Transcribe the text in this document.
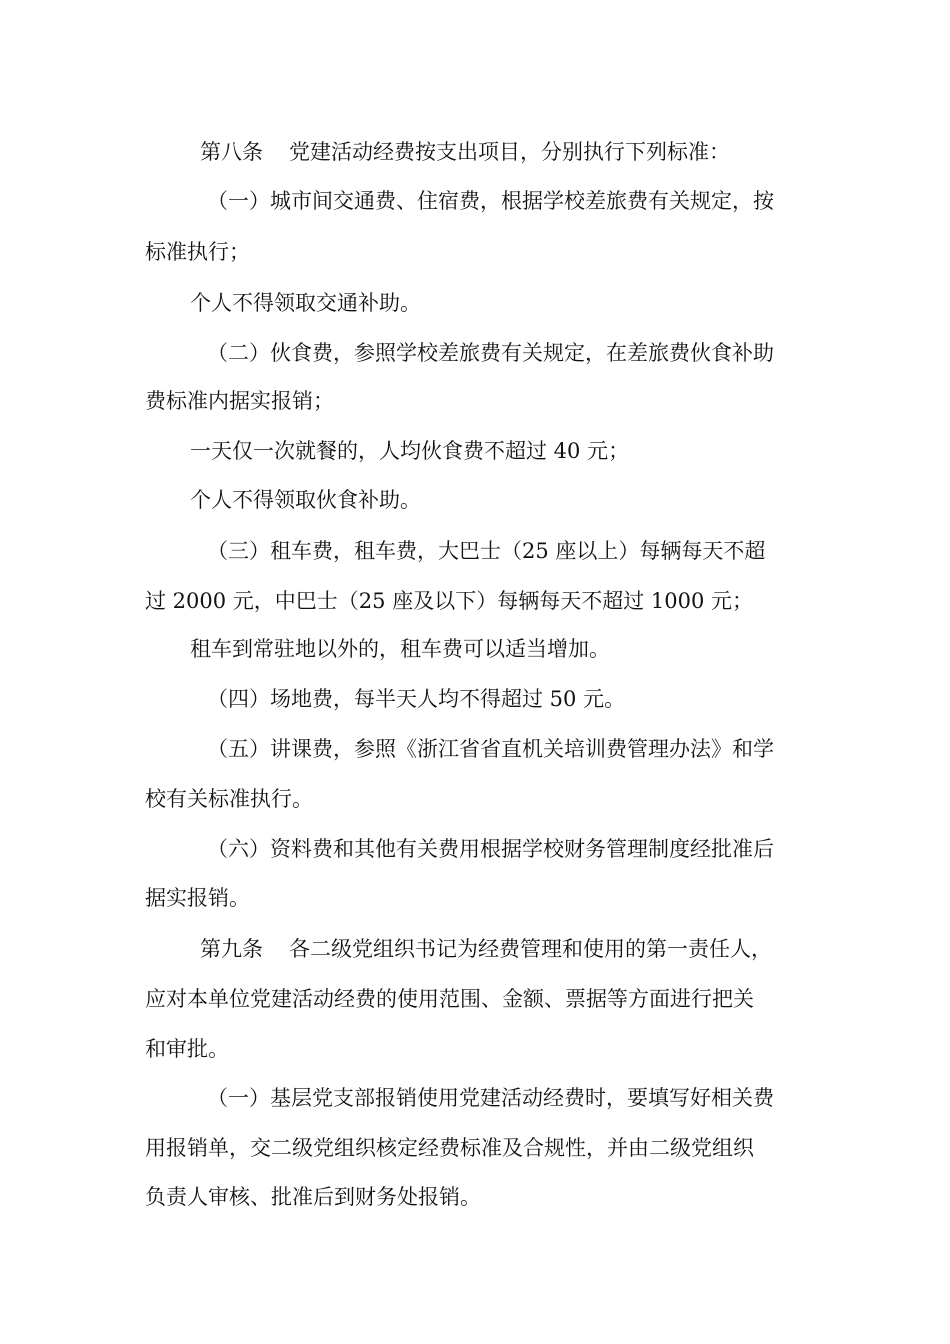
第八条 党建活动经费按支出项目，分别执行下列标准：
（一）城市间交通费、住宿费，根据学校差旅费有关规定，按
标准执行；
个人不得领取交通补助。
（二）伙食费，参照学校差旅费有关规定，在差旅费伙食补助
费标准内据实报销；
一天仅一次就餐的，人均伙食费不超过 40 元；
个人不得领取伙食补助。
（三）租车费，租车费，大巴士（25 座以上）每辆每天不超
过 2000 元，中巴士（25 座及以下）每辆每天不超过 1000 元；
租车到常驻地以外的，租车费可以适当增加。
（四）场地费，每半天人均不得超过 50 元。
（五）讲课费，参照《浙江省省直机关培训费管理办法》和学
校有关标准执行。
（六）资料费和其他有关费用根据学校财务管理制度经批准后
据实报销。
第九条 各二级党组织书记为经费管理和使用的第一责任人，
应对本单位党建活动经费的使用范围、金额、票据等方面进行把关
和审批。
（一）基层党支部报销使用党建活动经费时，要填写好相关费
用报销单，交二级党组织核定经费标准及合规性，并由二级党组织
负责人审核、批准后到财务处报销。
